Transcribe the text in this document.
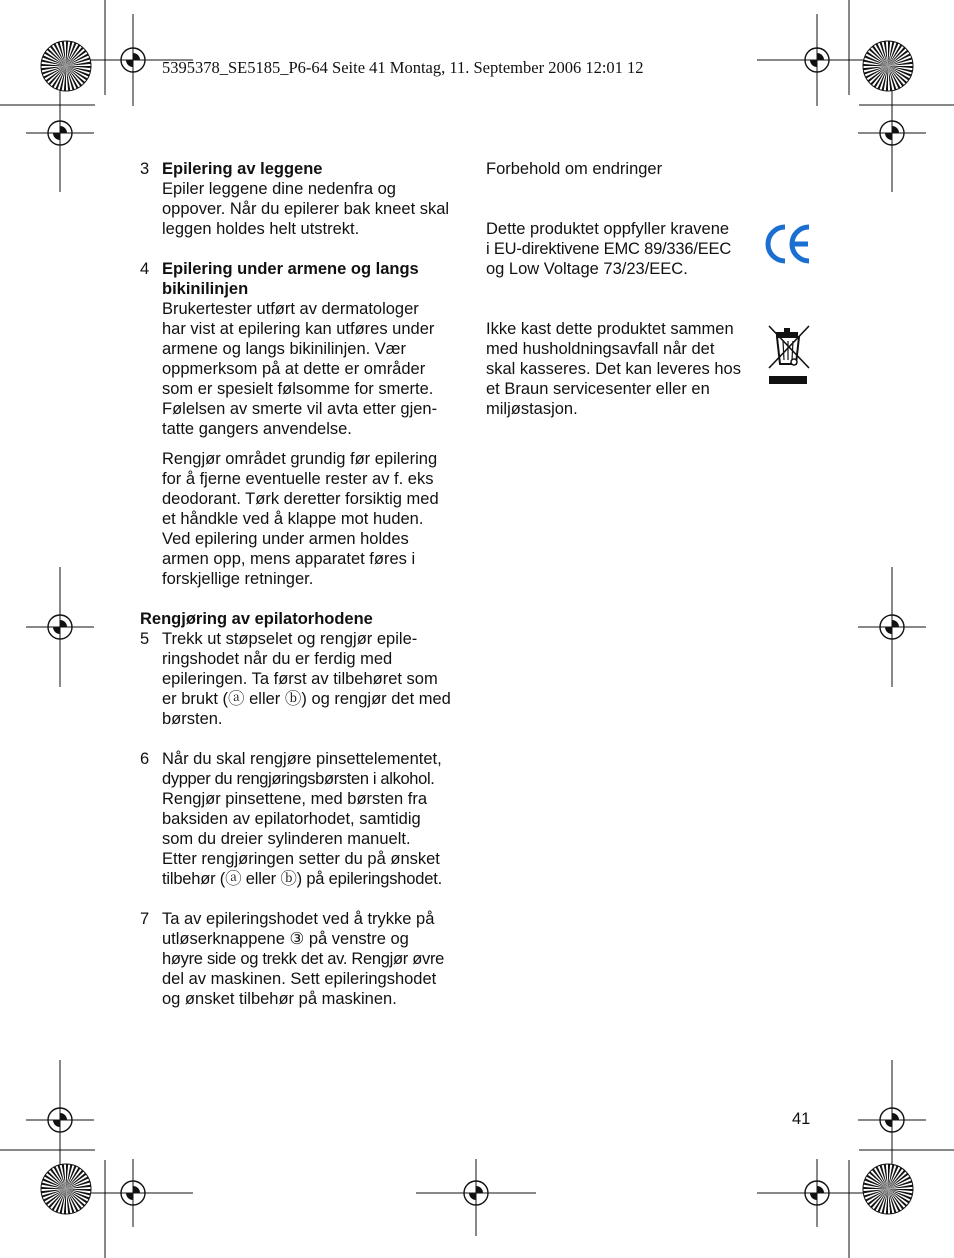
5395378_SE5185_P6-64 Seite 41 Montag, 11. September 2006 12:01 12
3 Epilering av leggene
Epiler leggene dine nedenfra og
oppover. Når du epilerer bak kneet skal
leggen holdes helt utstrekt.
4 Epilering under armene og langs
bikinilinjen
Brukertester utført av dermatologer
har vist at epilering kan utføres under
armene og langs bikinilinjen. Vær
oppmerksom på at dette er områder
som er spesielt følsomme for smerte.
Følelsen av smerte vil avta etter gjen-
tatte gangers anvendelse.
Rengjør området grundig før epilering
for å fjerne eventuelle rester av f. eks
deodorant. Tørk deretter forsiktig med
et håndkle ved å klappe mot huden.
Ved epilering under armen holdes
armen opp, mens apparatet føres i
forskjellige retninger.
Rengjøring av epilatorhodene
5 Trekk ut støpselet og rengjør epile-
ringshodet når du er ferdig med
epileringen. Ta først av tilbehøret som
er brukt (ⓐ eller ⓑ) og rengjør det med
børsten.
6 Når du skal rengjøre pinsettelementet,
dypper du rengjøringsbørsten i alkohol.
Rengjør pinsettene, med børsten fra
baksiden av epilatorhodet, samtidig
som du dreier sylinderen manuelt.
Etter rengjøringen setter du på ønsket
tilbehør (ⓐ eller ⓑ) på epileringshodet.
7 Ta av epileringshodet ved å trykke på
utløserknappene ③ på venstre og
høyre side og trekk det av. Rengjør øvre
del av maskinen. Sett epileringshodet
og ønsket tilbehør på maskinen.
Forbehold om endringer
Dette produktet oppfyller kravene
i EU-direktivene EMC 89/336/EEC
og Low Voltage 73/23/EEC.
Ikke kast dette produktet sammen
med husholdningsavfall når det
skal kasseres. Det kan leveres hos
et Braun servicesenter eller en
miljøstasjon.
41
